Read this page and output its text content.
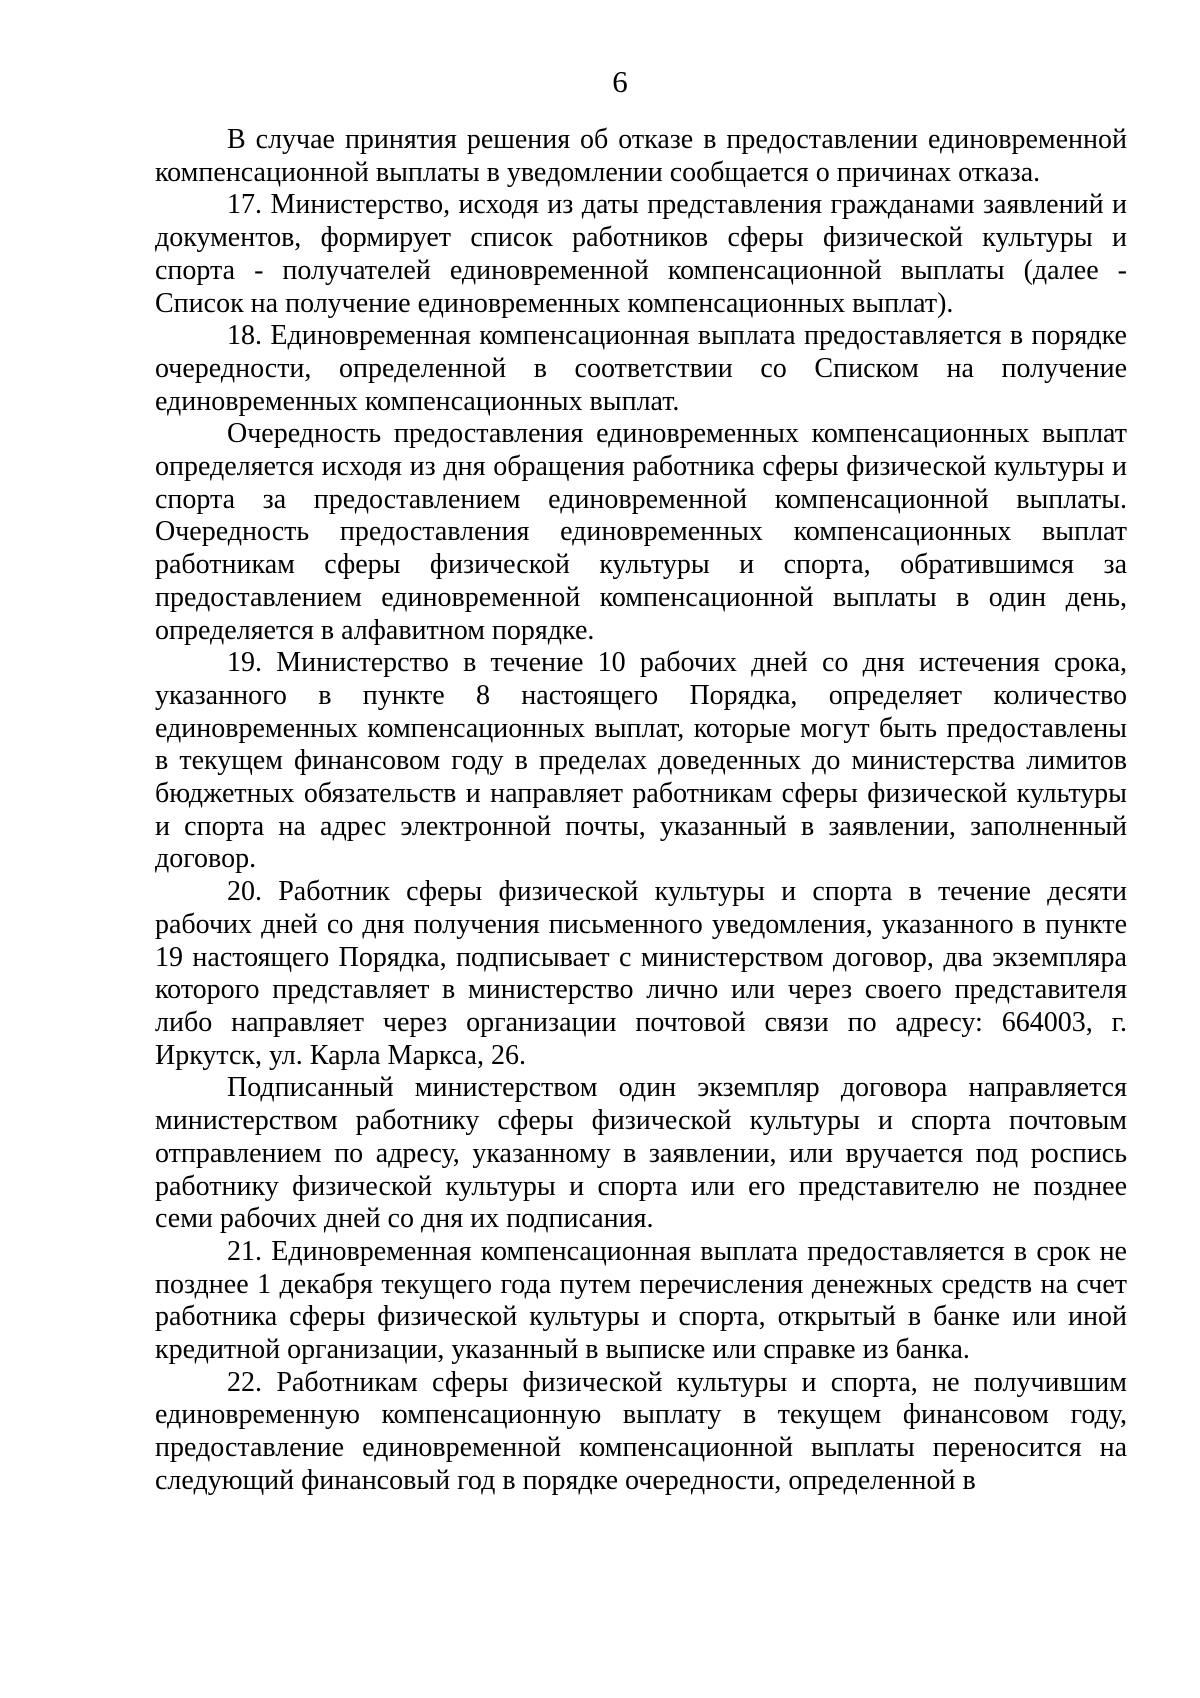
6

В случае принятия решения об отказе в предоставлении единовременной компенсационной выплаты в уведомлении сообщается о причинах отказа.

17. Министерство, исходя из даты представления гражданами заявлений и документов, формирует список работников сферы физической культуры и спорта - получателей единовременной компенсационной выплаты (далее - Список на получение единовременных компенсационных выплат).

18. Единовременная компенсационная выплата предоставляется в порядке очередности, определенной в соответствии со Списком на получение единовременных компенсационных выплат.

Очередность предоставления единовременных компенсационных выплат определяется исходя из дня обращения работника сферы физической культуры и спорта за предоставлением единовременной компенсационной выплаты. Очередность предоставления единовременных компенсационных выплат работникам сферы физической культуры и спорта, обратившимся за предоставлением единовременной компенсационной выплаты в один день, определяется в алфавитном порядке.

19. Министерство в течение 10 рабочих дней со дня истечения срока, указанного в пункте 8 настоящего Порядка, определяет количество единовременных компенсационных выплат, которые могут быть предоставлены в текущем финансовом году в пределах доведенных до министерства лимитов бюджетных обязательств и направляет работникам сферы физической культуры и спорта на адрес электронной почты, указанный в заявлении, заполненный договор.

20. Работник сферы физической культуры и спорта в течение десяти рабочих дней со дня получения письменного уведомления, указанного в пункте 19 настоящего Порядка, подписывает с министерством договор, два экземпляра которого представляет в министерство лично или через своего представителя либо направляет через организации почтовой связи по адресу: 664003, г. Иркутск, ул. Карла Маркса, 26.

Подписанный министерством один экземпляр договора направляется министерством работнику сферы физической культуры и спорта почтовым отправлением по адресу, указанному в заявлении, или вручается под роспись работнику физической культуры и спорта или его представителю не позднее семи рабочих дней со дня их подписания.

21. Единовременная компенсационная выплата предоставляется в срок не позднее 1 декабря текущего года путем перечисления денежных средств на счет работника сферы физической культуры и спорта, открытый в банке или иной кредитной организации, указанный в выписке или справке из банка.

22. Работникам сферы физической культуры и спорта, не получившим единовременную компенсационную выплату в текущем финансовом году, предоставление единовременной компенсационной выплаты переносится на следующий финансовый год в порядке очередности, определенной в
